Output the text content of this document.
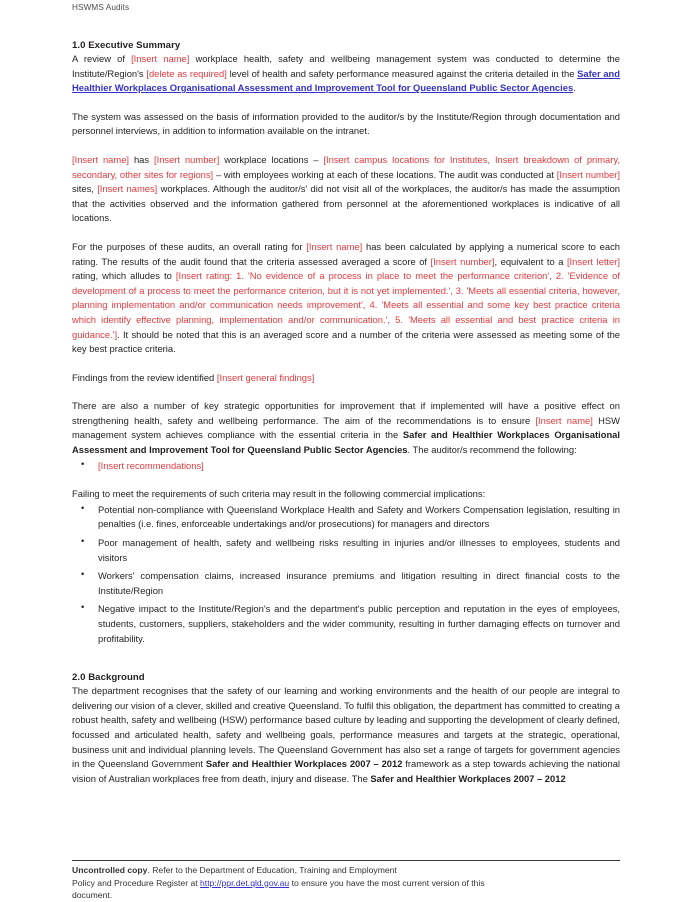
HSWMS Audits
1.0 Executive Summary

A review of [Insert name] workplace health, safety and wellbeing management system was conducted to determine the Institute/Region's [delete as required] level of health and safety performance measured against the criteria detailed in the Safer and Healthier Workplaces Organisational Assessment and Improvement Tool for Queensland Public Sector Agencies.

The system was assessed on the basis of information provided to the auditor/s by the Institute/Region through documentation and personnel interviews, in addition to information available on the intranet.

[Insert name] has [Insert number] workplace locations – [Insert campus locations for Institutes, Insert breakdown of primary, secondary, other sites for regions] – with employees working at each of these locations. The audit was conducted at [Insert number] sites, [Insert names] workplaces. Although the auditor/s' did not visit all of the workplaces, the auditor/s has made the assumption that the activities observed and the information gathered from personnel at the aforementioned workplaces is indicative of all locations.

For the purposes of these audits, an overall rating for [Insert name] has been calculated by applying a numerical score to each rating. The results of the audit found that the criteria assessed averaged a score of [Insert number], equivalent to a [Insert letter] rating, which alludes to [Insert rating: 1. 'No evidence of a process in place to meet the performance criterion', 2. 'Evidence of development of a process to meet the performance criterion, but it is not yet implemented.', 3. 'Meets all essential criteria, however, planning implementation and/or communication needs improvement', 4. 'Meets all essential and some key best practice criteria which identify effective planning, implementation and/or communication.', 5. 'Meets all essential and best practice criteria in guidance.']. It should be noted that this is an averaged score and a number of the criteria were assessed as meeting some of the key best practice criteria.

Findings from the review identified [Insert general findings]

There are also a number of key strategic opportunities for improvement that if implemented will have a positive effect on strengthening health, safety and wellbeing performance. The aim of the recommendations is to ensure [Insert name] HSW management system achieves compliance with the essential criteria in the Safer and Healthier Workplaces Organisational Assessment and Improvement Tool for Queensland Public Sector Agencies. The auditor/s recommend the following:

• [Insert recommendations]

Failing to meet the requirements of such criteria may result in the following commercial implications:

• Potential non-compliance with Queensland Workplace Health and Safety and Workers Compensation legislation, resulting in penalties (i.e. fines, enforceable undertakings and/or prosecutions) for managers and directors
• Poor management of health, safety and wellbeing risks resulting in injuries and/or illnesses to employees, students and visitors
• Workers' compensation claims, increased insurance premiums and litigation resulting in direct financial costs to the Institute/Region
• Negative impact to the Institute/Region's and the department's public perception and reputation in the eyes of employees, students, customers, suppliers, stakeholders and the wider community, resulting in further damaging effects on turnover and profitability.
2.0 Background

The department recognises that the safety of our learning and working environments and the health of our people are integral to delivering our vision of a clever, skilled and creative Queensland. To fulfil this obligation, the department has committed to creating a robust health, safety and wellbeing (HSW) performance based culture by leading and supporting the development of clearly defined, focussed and articulated health, safety and wellbeing goals, performance measures and targets at the strategic, operational, business unit and individual planning levels. The Queensland Government has also set a range of targets for government agencies in the Queensland Government Safer and Healthier Workplaces 2007 – 2012 framework as a step towards achieving the national vision of Australian workplaces free from death, injury and disease. The Safer and Healthier Workplaces 2007 – 2012

Uncontrolled copy. Refer to the Department of Education, Training and Employment

Policy and Procedure Register at http://ppr.det.qld.gov.au to ensure you have the most current version of this

document.
